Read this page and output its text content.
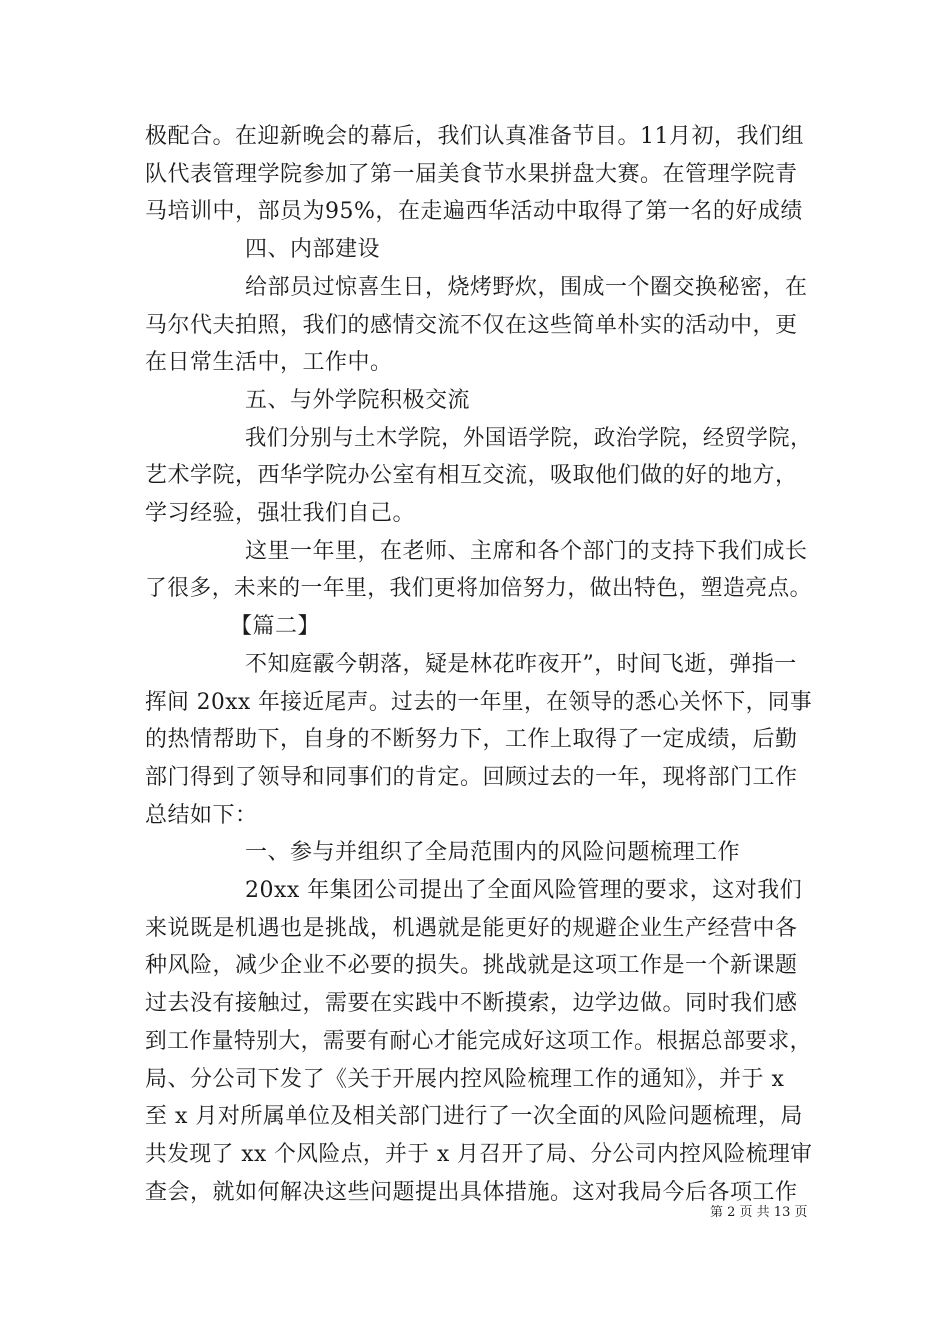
极配合。在迎新晚会的幕后，我们认真准备节目。11月初，我们组
队代表管理学院参加了第一届美食节水果拼盘大赛。在管理学院青
马培训中，部员为95%，在走遍西华活动中取得了第一名的好成绩
四、内部建设
给部员过惊喜生日，烧烤野炊，围成一个圈交换秘密，在
马尔代夫拍照，我们的感情交流不仅在这些简单朴实的活动中，更
在日常生活中，工作中。
五、与外学院积极交流
我们分别与土木学院，外国语学院，政治学院，经贸学院，
艺术学院，西华学院办公室有相互交流，吸取他们做的好的地方，
学习经验，强壮我们自己。
这里一年里，在老师、主席和各个部门的支持下我们成长
了很多，未来的一年里，我们更将加倍努力，做出特色，塑造亮点。
【篇二】
不知庭霰今朝落，疑是林花昨夜开”，时间飞逝，弹指一
挥间 20xx 年接近尾声。过去的一年里，在领导的悉心关怀下，同事
的热情帮助下，自身的不断努力下，工作上取得了一定成绩，后勤
部门得到了领导和同事们的肯定。回顾过去的一年，现将部门工作
总结如下：
一、参与并组织了全局范围内的风险问题梳理工作
20xx 年集团公司提出了全面风险管理的要求，这对我们
来说既是机遇也是挑战，机遇就是能更好的规避企业生产经营中各
种风险，减少企业不必要的损失。挑战就是这项工作是一个新课题
过去没有接触过，需要在实践中不断摸索，边学边做。同时我们感
到工作量特别大，需要有耐心才能完成好这项工作。根据总部要求，
局、分公司下发了《关于开展内控风险梳理工作的通知》，并于 x
至 x 月对所属单位及相关部门进行了一次全面的风险问题梳理，局
共发现了 xx 个风险点，并于 x 月召开了局、分公司内控风险梳理审
查会，就如何解决这些问题提出具体措施。这对我局今后各项工作
第 2 页 共 13 页
